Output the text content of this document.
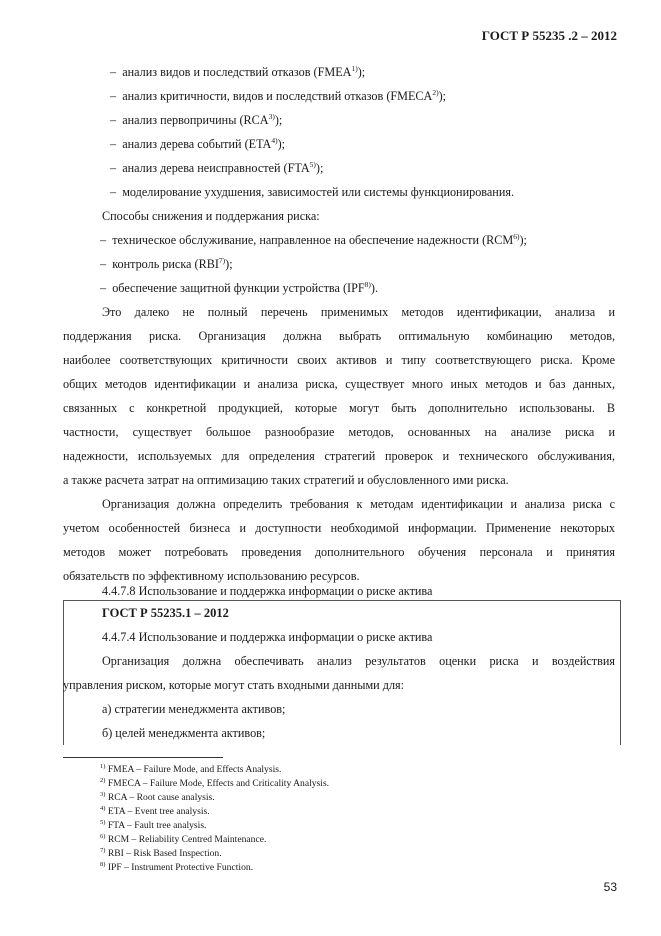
ГОСТ Р 55235 .2 – 2012
– анализ видов и последствий отказов (FMEA$^{1)}$);
– анализ критичности, видов и последствий отказов (FMECA$^{2)}$);
– анализ первопричины (RCA$^{3)}$);
– анализ дерева событий (ETA$^{4)}$);
– анализ дерева неисправностей (FTA$^{5)}$);
– моделирование ухудшения, зависимостей или системы функционирования.
Способы снижения и поддержания риска:
– техническое обслуживание, направленное на обеспечение надежности (RCM$^{6)}$);
– контроль риска (RBI$^{7)}$);
– обеспечение защитной функции устройства (IPF$^{8)}$).
Это далеко не полный перечень применимых методов идентификации, анализа и
поддержания риска. Организация должна выбрать оптимальную комбинацию методов,
наиболее соответствующих критичности своих активов и типу соответствующего риска. Кроме
общих методов идентификации и анализа риска, существует много иных методов и баз данных,
связанных с конкретной продукцией, которые могут быть дополнительно использованы. В
частности, существует большое разнообразие методов, основанных на анализе риска и
надежности, используемых для определения стратегий проверок и технического обслуживания,
а также расчета затрат на оптимизацию таких стратегий и обусловленного ими риска.
Организация должна определить требования к методам идентификации и анализа риска с
учетом особенностей бизнеса и доступности необходимой информации. Применение некоторых
методов может потребовать проведения дополнительного обучения персонала и принятия
обязательств по эффективному использованию ресурсов.
4.4.7.8 Использование и поддержка информации о риске актива
ГОСТ Р 55235.1 – 2012
4.4.7.4 Использование и поддержка информации о риске актива
Организация должна обеспечивать анализ результатов оценки риска и воздействия
управления риском, которые могут стать входными данными для:
а) стратегии менеджмента активов;
б) целей менеджмента активов;
$^{1)}$ FMEA – Failure Mode, and Effects Analysis.
$^{2)}$ FMECA – Failure Mode, Effects and Criticality Analysis.
$^{3)}$ RCA – Root cause analysis.
$^{4)}$ ETA – Event tree analysis.
$^{5)}$ FTA – Fault tree analysis.
$^{6)}$ RCM – Reliability Centred Maintenance.
$^{7)}$ RBI – Risk Based Inspection.
$^{8)}$ IPF – Instrument Protective Function.
53
